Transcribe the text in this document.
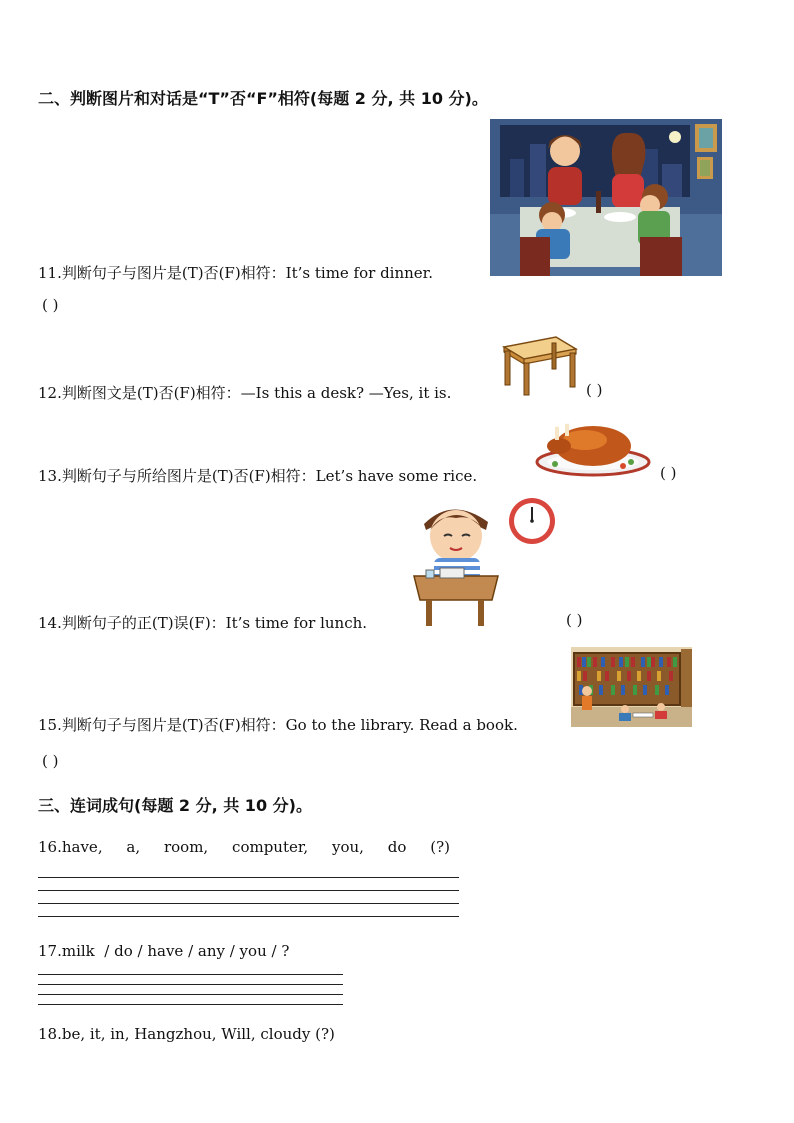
二、判断图片和对话是“T”否“F”相符(每题 2 分, 共 10 分)。
11.判断句子与图片是(T)否(F)相符：It’s time for dinner.
( )
12.判断图文是(T)否(F)相符：—Is this a desk? —Yes, it is.	( )
13.判断句子与所给图片是(T)否(F)相符：Let’s have some rice.	( )
14.判断句子的正(T)误(F)：It’s time for lunch.	( )
15.判断句子与图片是(T)否(F)相符：Go to the library. Read a book.
( )
三、连词成句(每题 2 分, 共 10 分)。
16.have,     a,     room,     computer,     you,     do     (?)
17.milk  / do / have / any / you / ?
18.be, it, in, Hangzhou, Will, cloudy (?)
